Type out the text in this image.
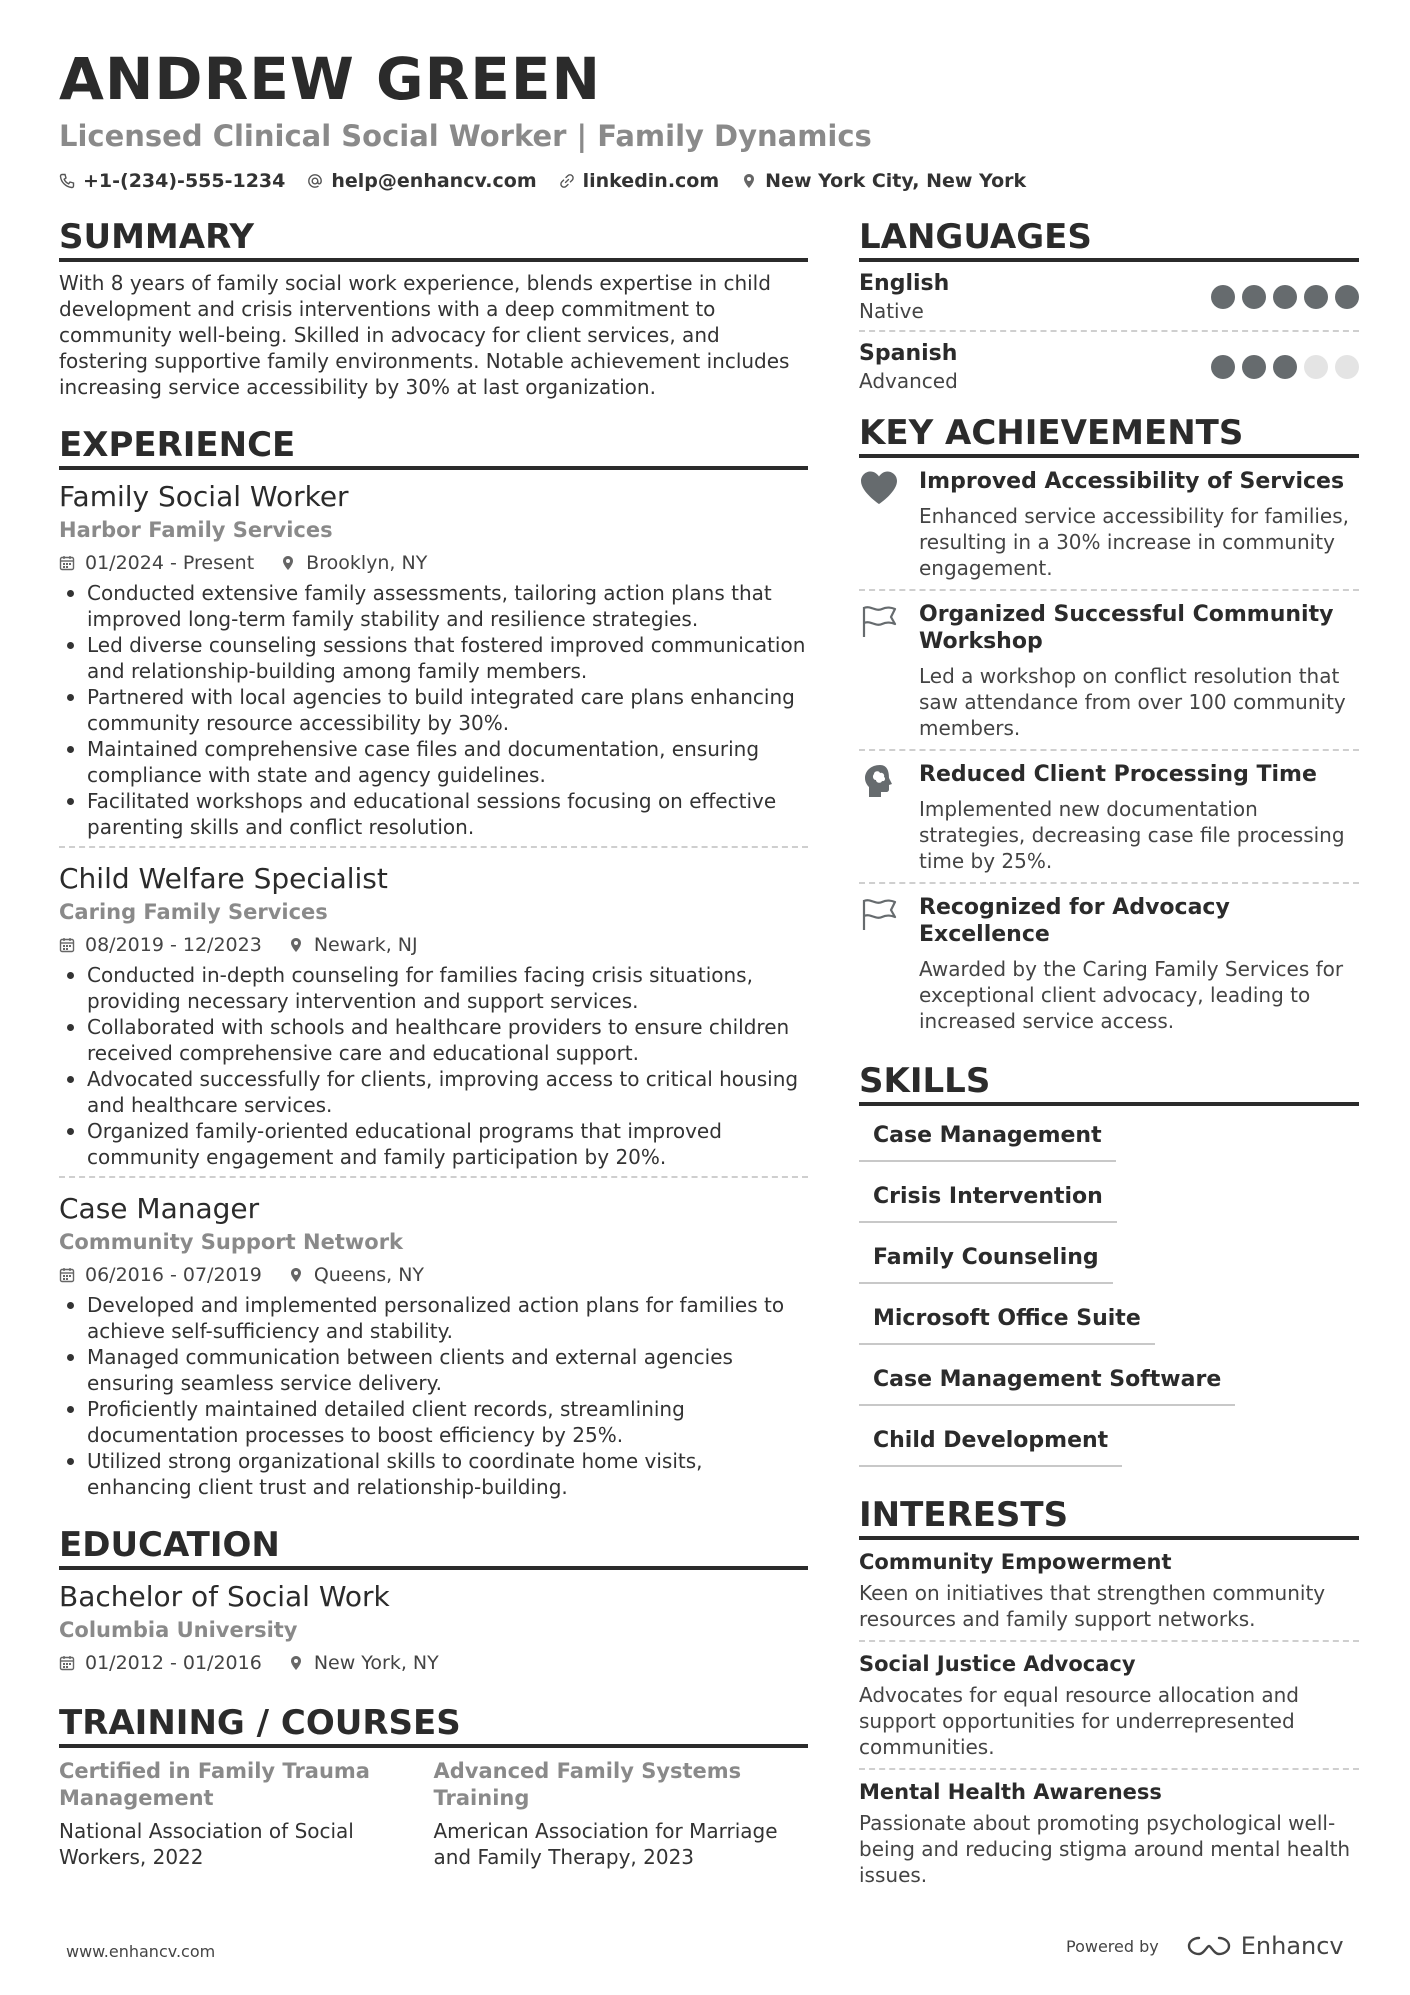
ANDREW GREEN
Licensed Clinical Social Worker | Family Dynamics
+1-(234)-555-1234 help@enhancv.com linkedin.com New York City, New York
SUMMARY
With 8 years of family social work experience, blends expertise in child development and crisis interventions with a deep commitment to community well-being. Skilled in advocacy for client services, and fostering supportive family environments. Notable achievement includes increasing service accessibility by 30% at last organization.
EXPERIENCE
Family Social Worker
Harbor Family Services
01/2024 - Present	Brooklyn, NY
Conducted extensive family assessments, tailoring action plans that improved long-term family stability and resilience strategies.
Led diverse counseling sessions that fostered improved communication and relationship-building among family members.
Partnered with local agencies to build integrated care plans enhancing community resource accessibility by 30%.
Maintained comprehensive case files and documentation, ensuring compliance with state and agency guidelines.
Facilitated workshops and educational sessions focusing on effective parenting skills and conflict resolution.
Child Welfare Specialist
Caring Family Services
08/2019 - 12/2023	Newark, NJ
Conducted in-depth counseling for families facing crisis situations, providing necessary intervention and support services.
Collaborated with schools and healthcare providers to ensure children received comprehensive care and educational support.
Advocated successfully for clients, improving access to critical housing and healthcare services.
Organized family-oriented educational programs that improved community engagement and family participation by 20%.
Case Manager
Community Support Network
06/2016 - 07/2019	Queens, NY
Developed and implemented personalized action plans for families to achieve self-sufficiency and stability.
Managed communication between clients and external agencies ensuring seamless service delivery.
Proficiently maintained detailed client records, streamlining documentation processes to boost efficiency by 25%.
Utilized strong organizational skills to coordinate home visits, enhancing client trust and relationship-building.
EDUCATION
Bachelor of Social Work
Columbia University
01/2012 - 01/2016	New York, NY
TRAINING / COURSES
Certified in Family Trauma Management
National Association of Social Workers, 2022
Advanced Family Systems Training
American Association for Marriage and Family Therapy, 2023
LANGUAGES
English
Native
Spanish
Advanced
KEY ACHIEVEMENTS
Improved Accessibility of Services
Enhanced service accessibility for families, resulting in a 30% increase in community engagement.
Organized Successful Community Workshop
Led a workshop on conflict resolution that saw attendance from over 100 community members.
Reduced Client Processing Time
Implemented new documentation strategies, decreasing case file processing time by 25%.
Recognized for Advocacy Excellence
Awarded by the Caring Family Services for exceptional client advocacy, leading to increased service access.
SKILLS
Case Management
Crisis Intervention
Family Counseling
Microsoft Office Suite
Case Management Software
Child Development
INTERESTS
Community Empowerment
Keen on initiatives that strengthen community resources and family support networks.
Social Justice Advocacy
Advocates for equal resource allocation and support opportunities for underrepresented communities.
Mental Health Awareness
Passionate about promoting psychological well-being and reducing stigma around mental health issues.
www.enhancv.com	Powered by	Enhancv
